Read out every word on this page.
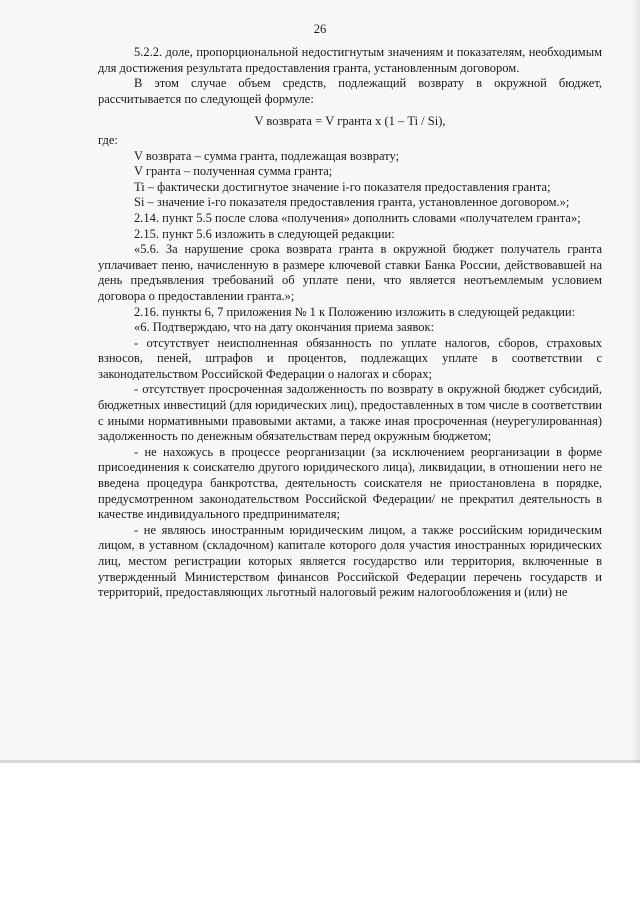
26

5.2.2. доле, пропорциональной недостигнутым значениям и показателям, необходимым для достижения результата предоставления гранта, установленным договором.

В этом случае объем средств, подлежащий возврату в окружной бюджет, рассчитывается по следующей формуле:

V возврата = V гранта х (1 – Ti / Si),

где:

V возврата – сумма гранта, подлежащая возврату;

V гранта – полученная сумма гранта;

Ti – фактически достигнутое значение i-го показателя предоставления гранта;

Si – значение i-го показателя предоставления гранта, установленное договором.»;

2.14. пункт 5.5 после слова «получения» дополнить словами «получателем гранта»;

2.15. пункт 5.6 изложить в следующей редакции:

«5.6. За нарушение срока возврата гранта в окружной бюджет получатель гранта уплачивает пеню, начисленную в размере ключевой ставки Банка России, действовавшей на день предъявления требований об уплате пени, что является неотъемлемым условием договора о предоставлении гранта.»;

2.16. пункты 6, 7 приложения № 1 к Положению изложить в следующей редакции:

«6. Подтверждаю, что на дату окончания приема заявок:

- отсутствует неисполненная обязанность по уплате налогов, сборов, страховых взносов, пеней, штрафов и процентов, подлежащих уплате в соответствии с законодательством Российской Федерации о налогах и сборах;

- отсутствует просроченная задолженность по возврату в окружной бюджет субсидий, бюджетных инвестиций (для юридических лиц), предоставленных в том числе в соответствии с иными нормативными правовыми актами, а также иная просроченная (неурегулированная) задолженность по денежным обязательствам перед окружным бюджетом;

- не нахожусь в процессе реорганизации (за исключением реорганизации в форме присоединения к соискателю другого юридического лица), ликвидации, в отношении него не введена процедура банкротства, деятельность соискателя не приостановлена в порядке, предусмотренном законодательством Российской Федерации/ не прекратил деятельность в качестве индивидуального предпринимателя;

- не являюсь иностранным юридическим лицом, а также российским юридическим лицом, в уставном (складочном) капитале которого доля участия иностранных юридических лиц, местом регистрации которых является государство или территория, включенные в утвержденный Министерством финансов Российской Федерации перечень государств и территорий, предоставляющих льготный налоговый режим налогообложения и (или) не
